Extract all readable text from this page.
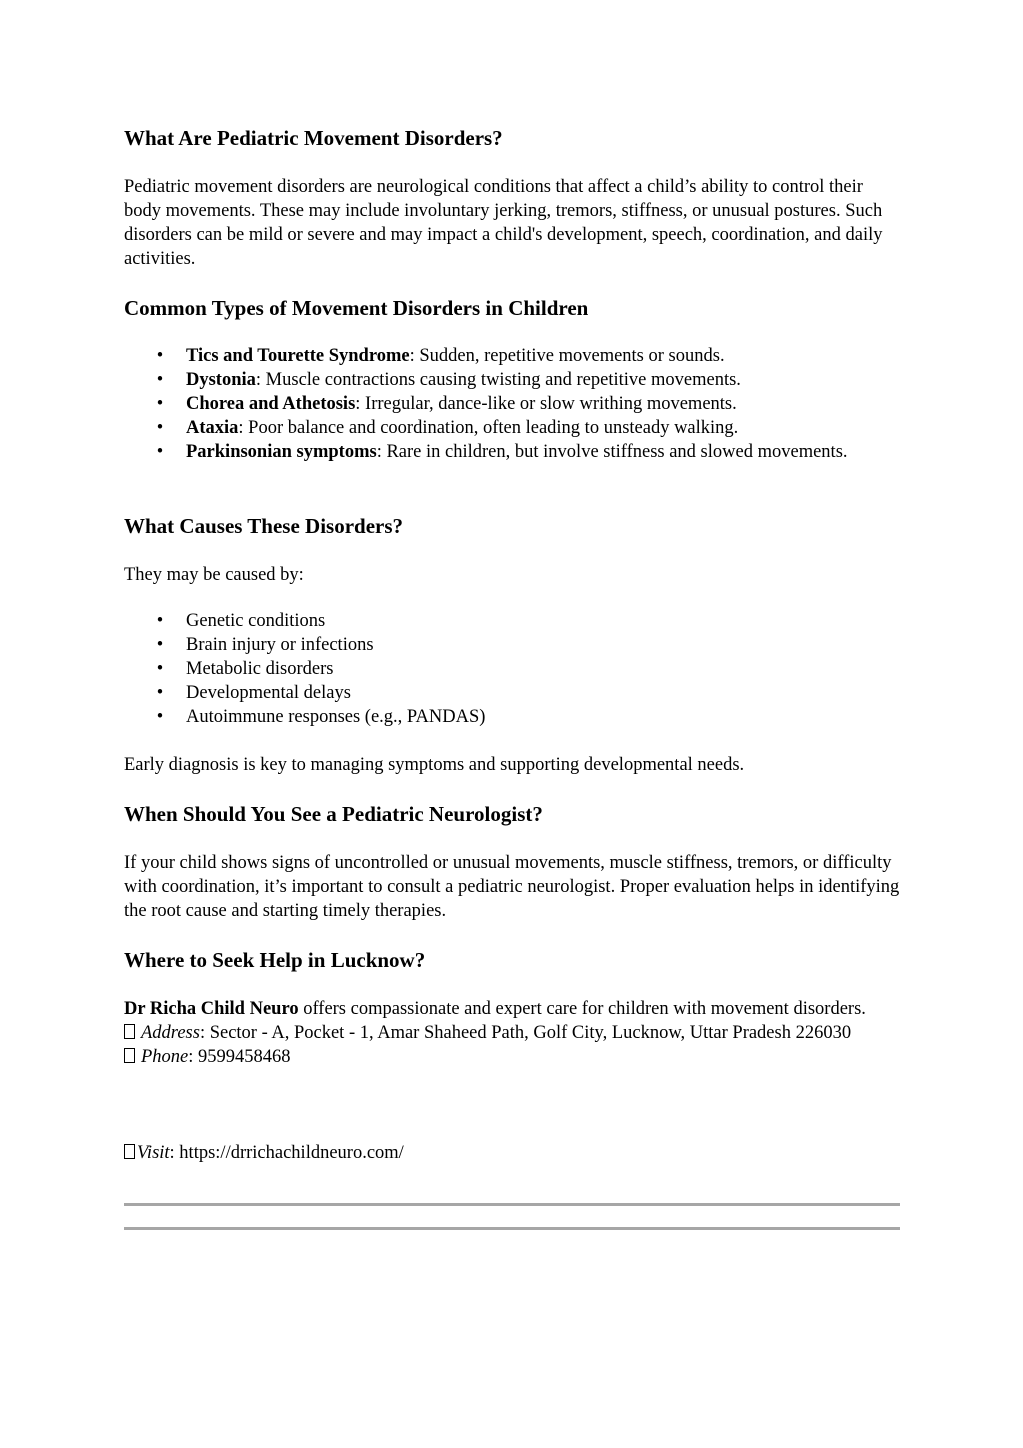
What Are Pediatric Movement Disorders?

Pediatric movement disorders are neurological conditions that affect a child’s ability to control their body movements. These may include involuntary jerking, tremors, stiffness, or unusual postures. Such disorders can be mild or severe and may impact a child's development, speech, coordination, and daily activities.

Common Types of Movement Disorders in Children
• Tics and Tourette Syndrome: Sudden, repetitive movements or sounds.
• Dystonia: Muscle contractions causing twisting and repetitive movements.
• Chorea and Athetosis: Irregular, dance-like or slow writhing movements.
• Ataxia: Poor balance and coordination, often leading to unsteady walking.
• Parkinsonian symptoms: Rare in children, but involve stiffness and slowed movements.
What Causes These Disorders?

They may be caused by:

• Genetic conditions
• Brain injury or infections
• Metabolic disorders
• Developmental delays
• Autoimmune responses (e.g., PANDAS)

Early diagnosis is key to managing symptoms and supporting developmental needs.

When Should You See a Pediatric Neurologist?

If your child shows signs of uncontrolled or unusual movements, muscle stiffness, tremors, or difficulty with coordination, it’s important to consult a pediatric neurologist. Proper evaluation helps in identifying the root cause and starting timely therapies.

Where to Seek Help in Lucknow?

Dr Richa Child Neuro offers compassionate and expert care for children with movement disorders.
Address: Sector - A, Pocket - 1, Amar Shaheed Path, Golf City, Lucknow, Uttar Pradesh 226030
Phone: 9599458468

Visit: https://drrichachildneuro.com/
